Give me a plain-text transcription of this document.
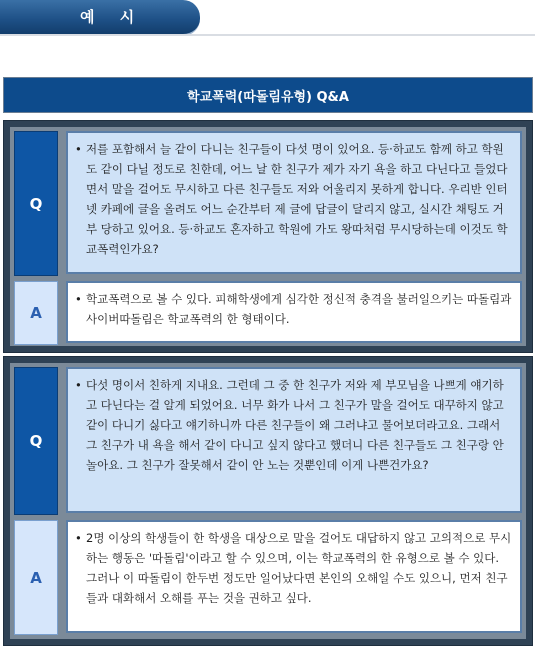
예 시
학교폭력(따돌림유형) Q&A
Q
• 저를 포함해서 늘 같이 다니는 친구들이 다섯 명이 있어요. 등·하교도 함께 하고 학원도 같이 다닐 정도로 친한데, 어느 날 한 친구가 제가 자기 욕을 하고 다닌다고 들었다면서 말을 걸어도 무시하고 다른 친구들도 저와 어울리지 못하게 합니다. 우리반 인터넷 카페에 글을 올려도 어느 순간부터 제 글에 답글이 달리지 않고, 실시간 채팅도 거부 당하고 있어요. 등·하교도 혼자하고 학원에 가도 왕따처럼 무시당하는데 이것도 학교폭력인가요?
A
• 학교폭력으로 볼 수 있다. 피해학생에게 심각한 정신적 충격을 불러일으키는 따돌림과 사이버따돌림은 학교폭력의 한 형태이다.
Q
• 다섯 명이서 친하게 지내요. 그런데 그 중 한 친구가 저와 제 부모님을 나쁘게 얘기하고 다닌다는 걸 알게 되었어요. 너무 화가 나서 그 친구가 말을 걸어도 대꾸하지 않고 같이 다니기 싫다고 얘기하니까 다른 친구들이 왜 그러냐고 물어보더라고요. 그래서 그 친구가 내 욕을 해서 같이 다니고 싶지 않다고 했더니 다른 친구들도 그 친구랑 안 놀아요. 그 친구가 잘못해서 같이 안 노는 것뿐인데 이게 나쁜건가요?
A
• 2명 이상의 학생들이 한 학생을 대상으로 말을 걸어도 대답하지 않고 고의적으로 무시하는 행동은 '따돌림'이라고 할 수 있으며, 이는 학교폭력의 한 유형으로 볼 수 있다. 그러나 이 따돌림이 한두번 정도만 일어났다면 본인의 오해일 수도 있으니, 먼저 친구들과 대화해서 오해를 푸는 것을 권하고 싶다.
